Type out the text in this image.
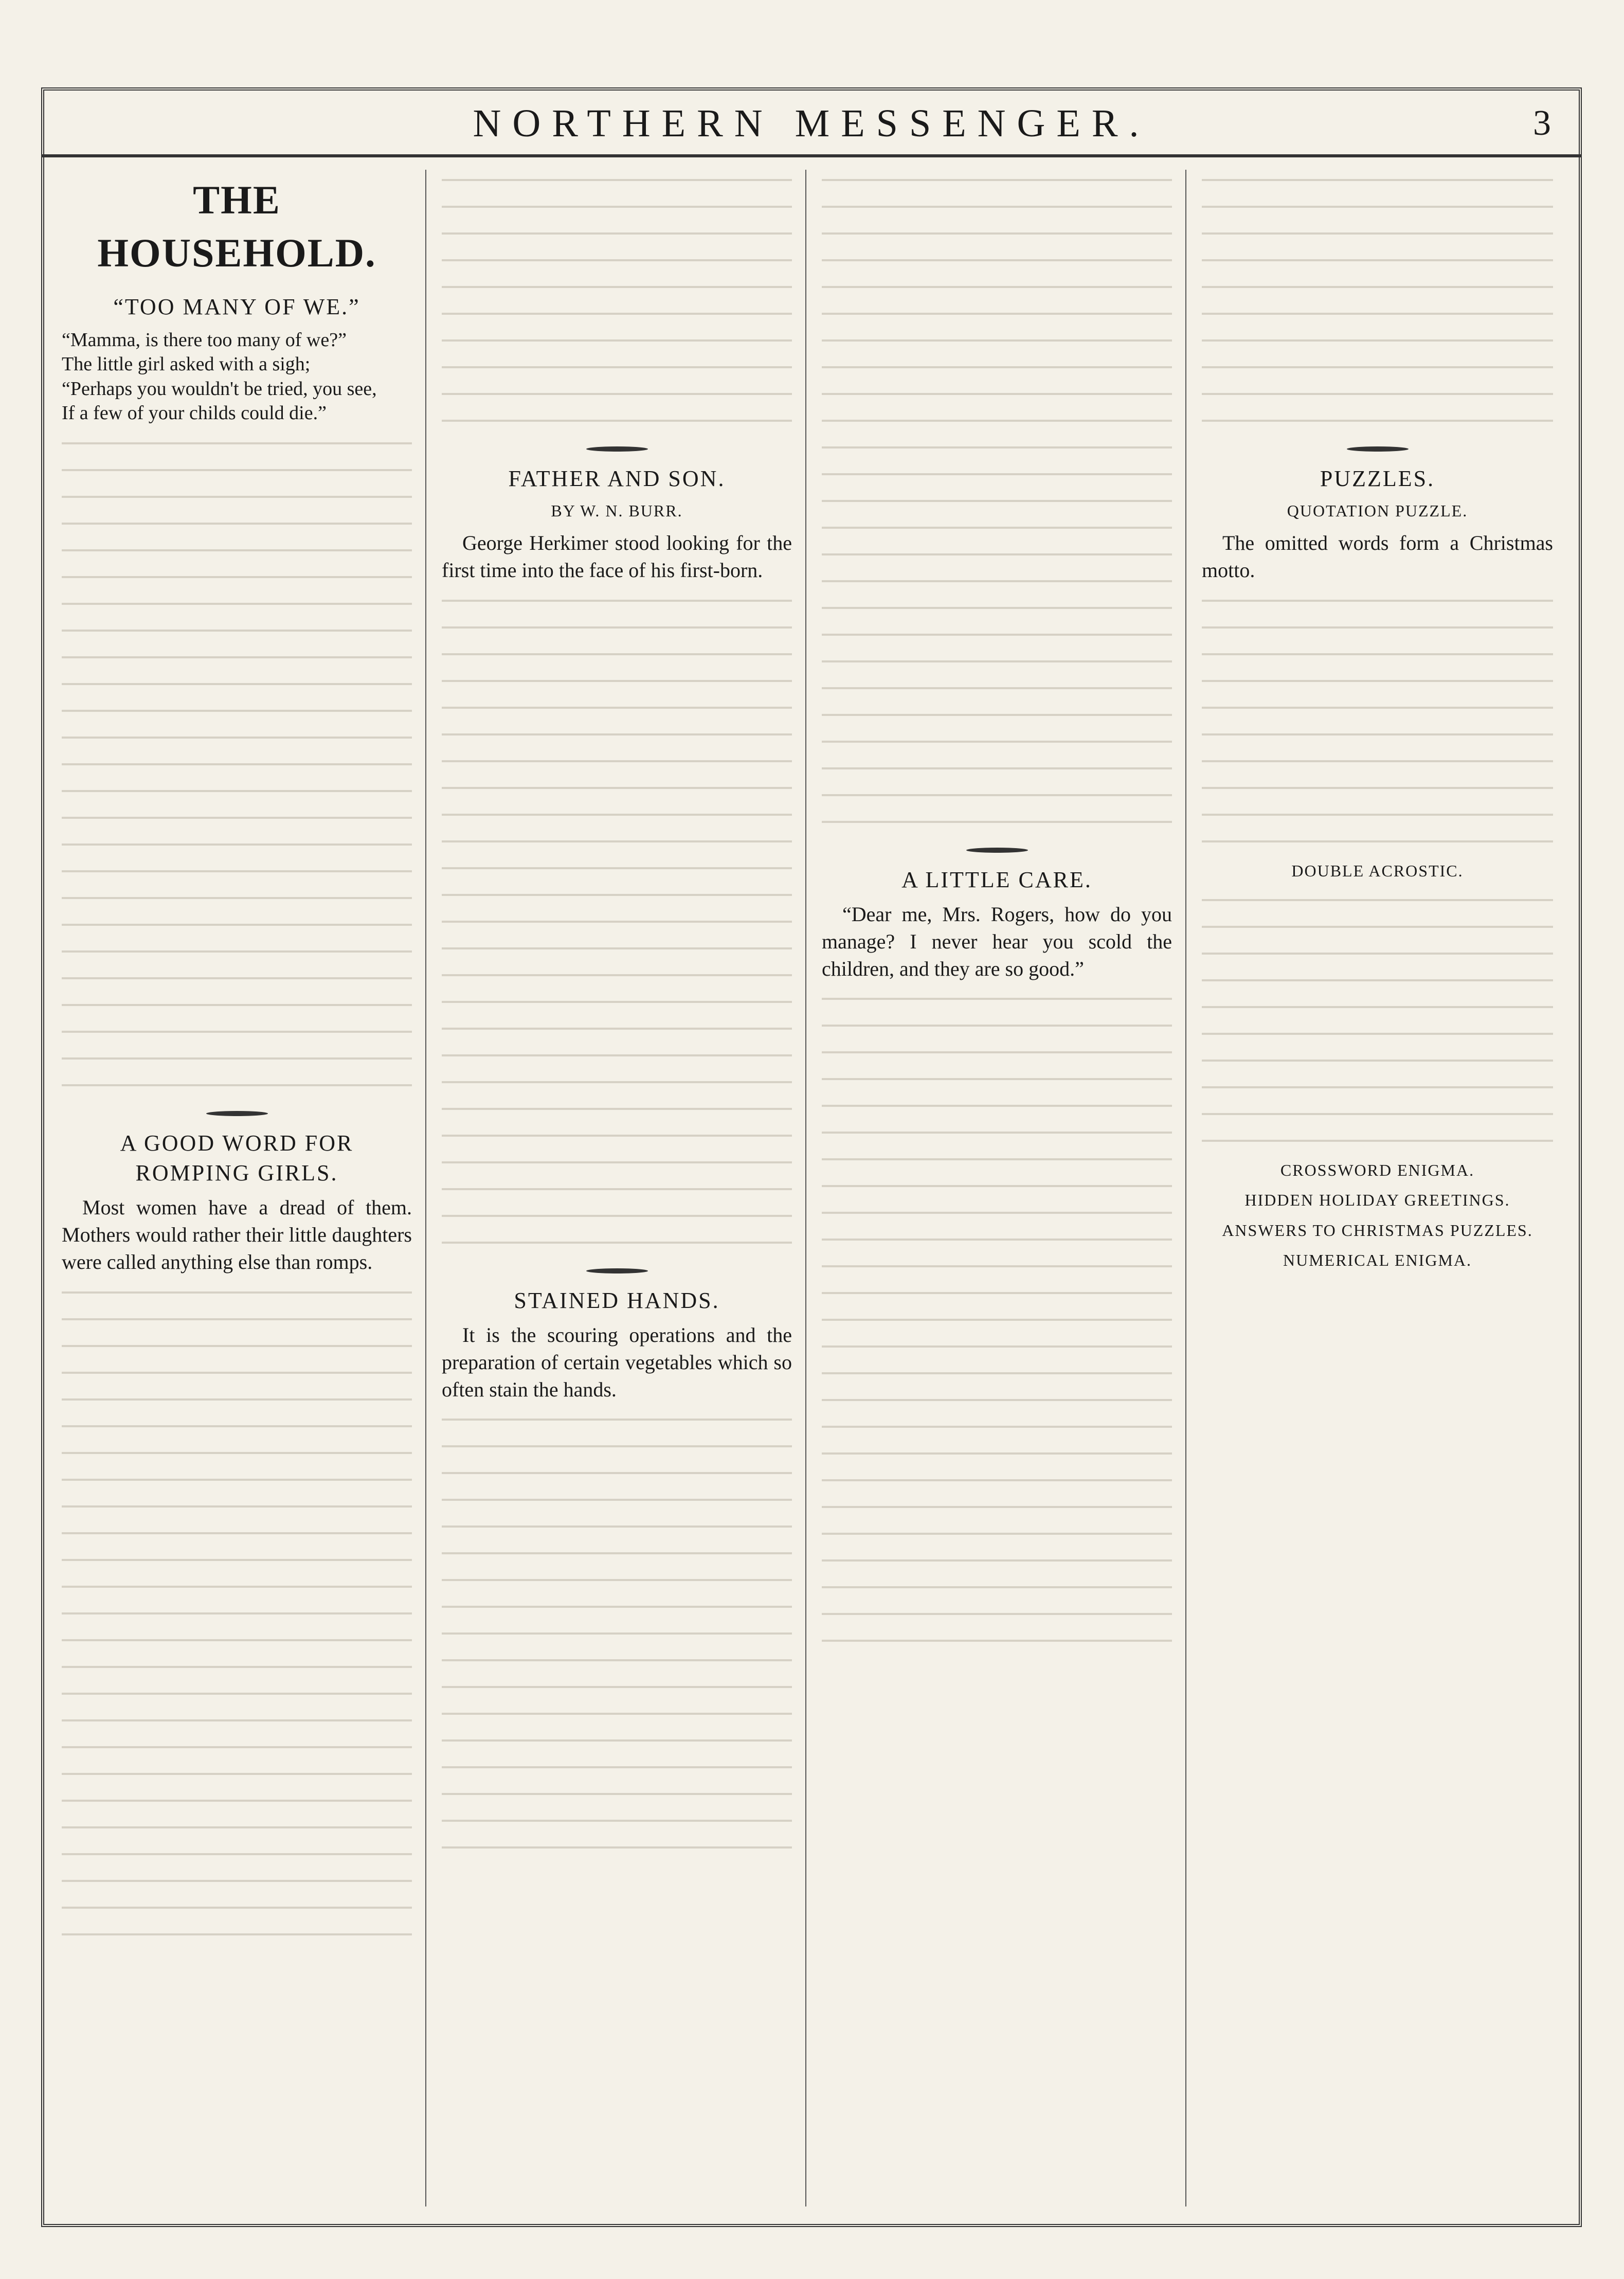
NORTHERN MESSENGER.	3
THE HOUSEHOLD.
“TOO MANY OF WE.”
“Mamma, is there too many of we?”
The little girl asked with a sigh;
“Perhaps you wouldn't be tried, you see,
If a few of your childs could die.”
A GOOD WORD FOR ROMPING GIRLS.

Most women have a dread of them. Mothers would rather their little daughters were called anything else than romps.

FATHER AND SON.
BY W. N. BURR.

George Herkimer stood looking for the first time into the face of his first-born.

STAINED HANDS.

It is the scouring operations and the preparation of certain vegetables which so often stain the hands.

A LITTLE CARE.

“Dear me, Mrs. Rogers, how do you manage? I never hear you scold the children, and they are so good.”

PUZZLES.
QUOTATION PUZZLE.

The omitted words form a Christmas motto.

DOUBLE ACROSTIC.
CROSSWORD ENIGMA.
HIDDEN HOLIDAY GREETINGS.
ANSWERS TO CHRISTMAS PUZZLES.
NUMERICAL ENIGMA.
